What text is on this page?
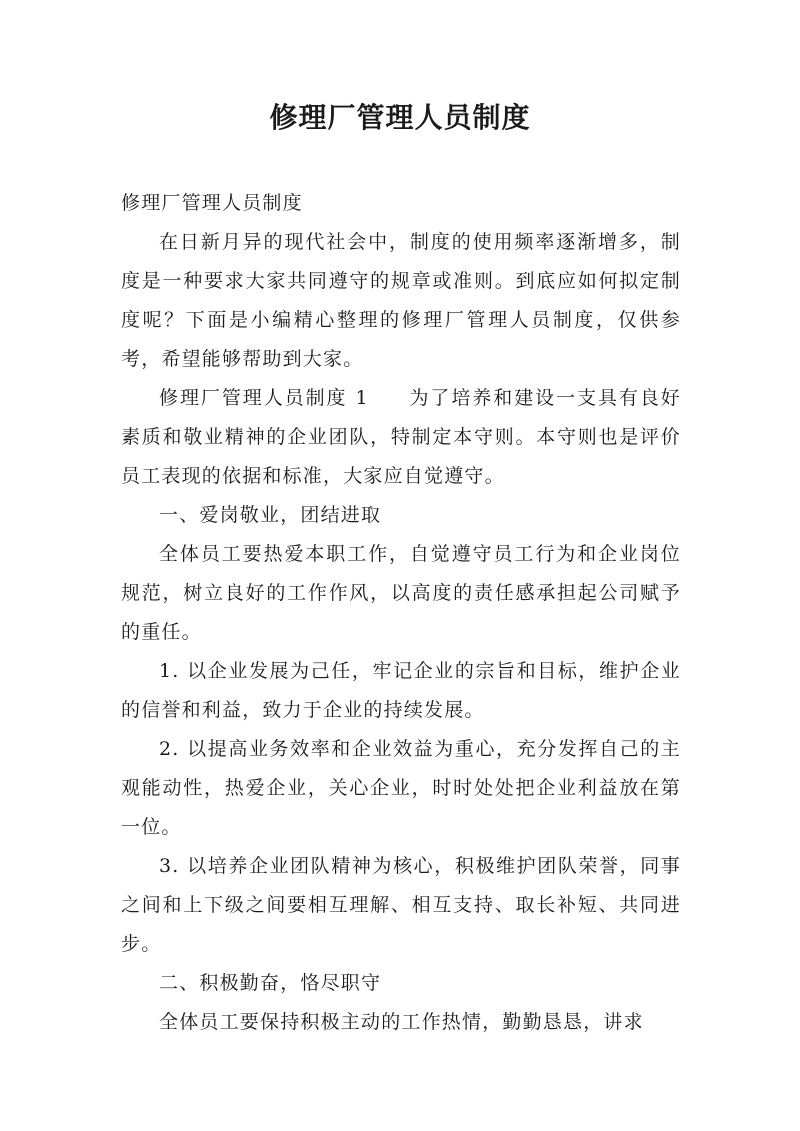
修理厂管理人员制度

修理厂管理人员制度

在日新月异的现代社会中，制度的使用频率逐渐增多，制度是一种要求大家共同遵守的规章或准则。到底应如何拟定制度呢？下面是小编精心整理的修理厂管理人员制度，仅供参考，希望能够帮助到大家。

修理厂管理人员制度 1 为了培养和建设一支具有良好素质和敬业精神的企业团队，特制定本守则。本守则也是评价员工表现的依据和标准，大家应自觉遵守。

一、爱岗敬业，团结进取

全体员工要热爱本职工作，自觉遵守员工行为和企业岗位规范，树立良好的工作作风，以高度的责任感承担起公司赋予的重任。

1. 以企业发展为己任，牢记企业的宗旨和目标，维护企业的信誉和利益，致力于企业的持续发展。

2. 以提高业务效率和企业效益为重心，充分发挥自己的主观能动性，热爱企业，关心企业，时时处处把企业利益放在第一位。

3. 以培养企业团队精神为核心，积极维护团队荣誉，同事之间和上下级之间要相互理解、相互支持、取长补短、共同进步。

二、积极勤奋，恪尽职守

全体员工要保持积极主动的工作热情，勤勤恳恳，讲求
